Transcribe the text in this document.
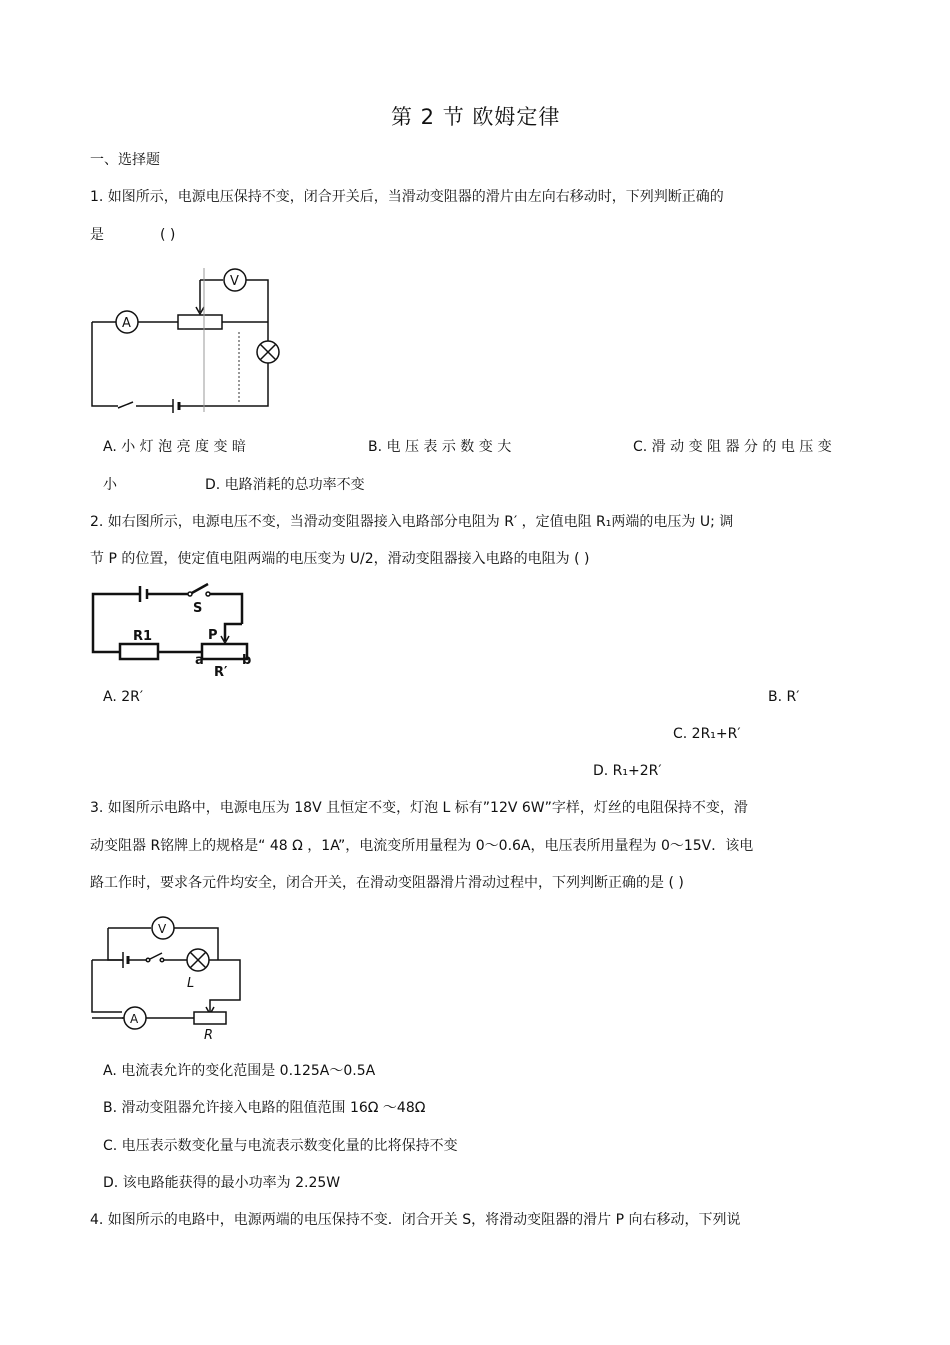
第 2 节 欧姆定律
一、选择题
1. 如图所示，电源电压保持不变，闭合开关后，当滑动变阻器的滑片由左向右移动时，下列判断正确的
是	( )
A
V
A. 小 灯 泡 亮 度 变 暗	B. 电 压 表 示 数 变 大	C. 滑 动 变 阻 器 分 的 电 压 变
小	D. 电路消耗的总功率不变
2. 如右图所示，电源电压不变，当滑动变阻器接入电路部分电阻为 R′ ，定值电阻 R₁两端的电压为 U; 调
节 P 的位置，使定值电阻两端的电压变为 U/2，滑动变阻器接入电路的电阻为 ( )
S
R1	P
a	b
R′
A. 2R′	B. R′
C. 2R₁+R′
D. R₁+2R′
3. 如图所示电路中，电源电压为 18V 且恒定不变，灯泡 L 标有”12V 6W”字样，灯丝的电阻保持不变，滑
动变阻器 R铭牌上的规格是“ 48 Ω ，1A”，电流变所用量程为 0～0.6A，电压表所用量程为 0～15V．该电
路工作时，要求各元件均安全，闭合开关，在滑动变阻器滑片滑动过程中，下列判断正确的是 ( )
V
L
A
R
A. 电流表允许的变化范围是 0.125A～0.5A
B. 滑动变阻器允许接入电路的阻值范围 16Ω ～48Ω
C. 电压表示数变化量与电流表示数变化量的比将保持不变
D. 该电路能获得的最小功率为 2.25W
4. 如图所示的电路中，电源两端的电压保持不变．闭合开关 S，将滑动变阻器的滑片 P 向右移动，下列说
